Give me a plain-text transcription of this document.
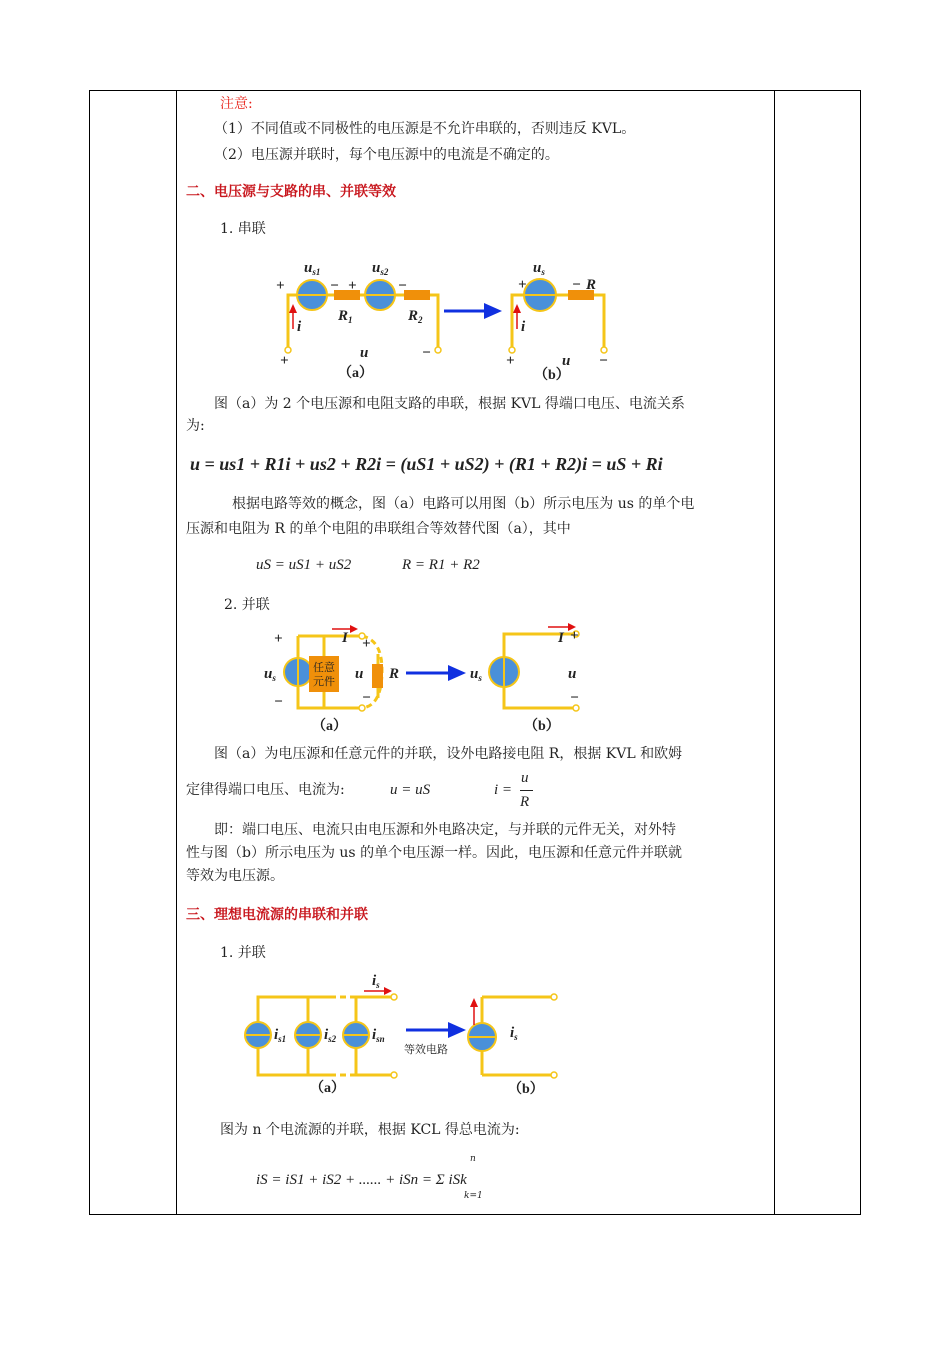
注意:
（1）不同值或不同极性的电压源是不允许串联的，否则违反 KVL。
（2）电压源并联时，每个电压源中的电流是不确定的。
二、电压源与支路的串、并联等效
1. 串联
+	− +	−
$u_{s1}$	$u_{s2}$
$R_1$	$R_2$
i
+	u	−
+	−
$u_s$
R
i
+	u −
（a）	（b）
图（a）为 2 个电压源和电阻支路的串联，根据 KVL 得端口电压、电流关系
为:
u = us1 + R1i + us2 + R2i = (uS1 + uS2) + (R1 + R2)i = uS + Ri
根据电路等效的概念，图（a）电路可以用图（b）所示电压为 us 的单个电
压源和电阻为 R 的单个电阻的串联组合等效替代图（a），其中
uS = uS1 + uS2	R = R1 + R2
2. 并联
任意
元件
+
$u_s$
−
I +
u R
−
$u_s$
I +
u
−
（a）	（b）
图（a）为电压源和任意元件的并联，设外电路接电阻 R，根据 KVL 和欧姆
定律得端口电压、电流为:	u = uS	i =
u
R
即：端口电压、电流只由电压源和外电路决定，与并联的元件无关，对外特
性与图（b）所示电压为 us 的单个电压源一样。因此，电压源和任意元件并联就
等效为电压源。
三、理想电流源的串联和并联
1. 并联
等效电路
$i_{s1}$	$i_{s2}$ $i_{sn}$
$i_s$
$i_s$
（a）	（b）
图为 n 个电流源的并联，根据 KCL 得总电流为:
iS = iS1 + iS2 + ...... + iSn = Σ iSk
n
k=1
